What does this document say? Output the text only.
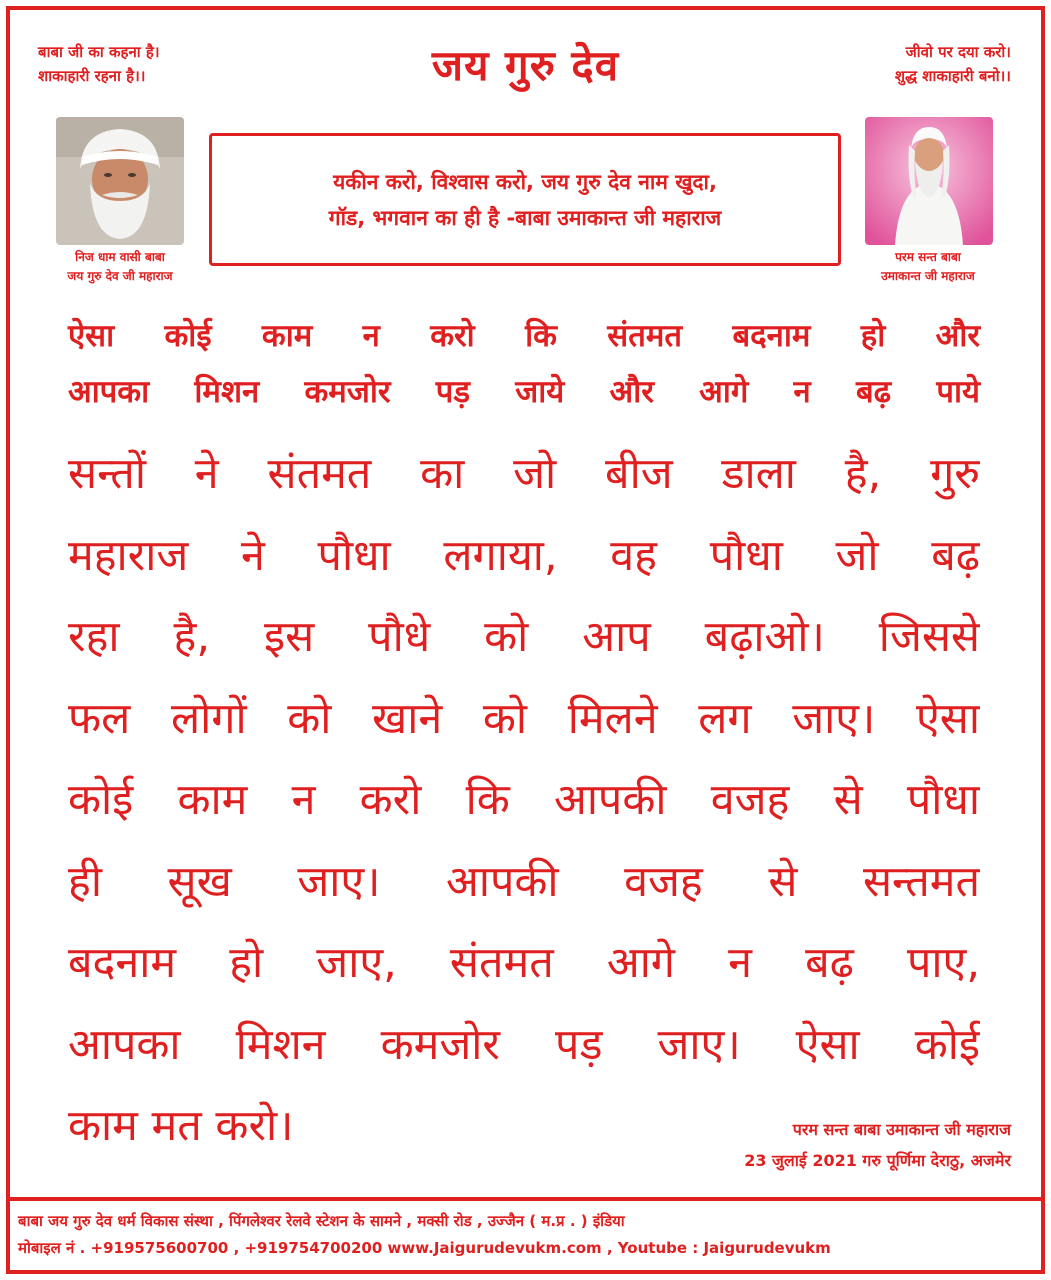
बाबा जी का कहना है।
शाकाहारी रहना है।।	जय गुरु देव	जीवो पर दया करो।
शुद्ध शाकाहारी बनो।।
निज धाम वासी बाबा
जय गुरु देव जी महाराज
यकीन करो, विश्वास करो, जय गुरु देव नाम खुदा,
गॉड, भगवान का ही है -बाबा उमाकान्त जी महाराज
परम सन्त बाबा
उमाकान्त जी महाराज
ऐसा कोई काम न करो कि संतमत बदनाम हो और
आपका मिशन कमजोर पड़ जाये और आगे न बढ़ पाये
सन्तों ने संतमत का जो बीज डाला है, गुरु
महाराज ने पौधा लगाया, वह पौधा जो बढ़
रहा है, इस पौधे को आप बढ़ाओ। जिससे
फल लोगों को खाने को मिलने लग जाए। ऐसा
कोई काम न करो कि आपकी वजह से पौधा
ही सूख जाए। आपकी वजह से सन्तमत
बदनाम हो जाए, संतमत आगे न बढ़ पाए,
आपका मिशन कमजोर पड़ जाए। ऐसा कोई
काम मत करो।	परम सन्त बाबा उमाकान्त जी महाराज
23 जुलाई 2021 गरु पूर्णिमा देराठु, अजमेर
बाबा जय गुरु देव धर्म विकास संस्था , पिंगलेश्वर रेलवे स्टेशन के सामने , मक्सी रोड , उज्जैन ( म.प्र . ) इंडिया
मोबाइल नं . +919575600700 , +919754700200 www.Jaigurudevukm.com , Youtube : Jaigurudevukm
